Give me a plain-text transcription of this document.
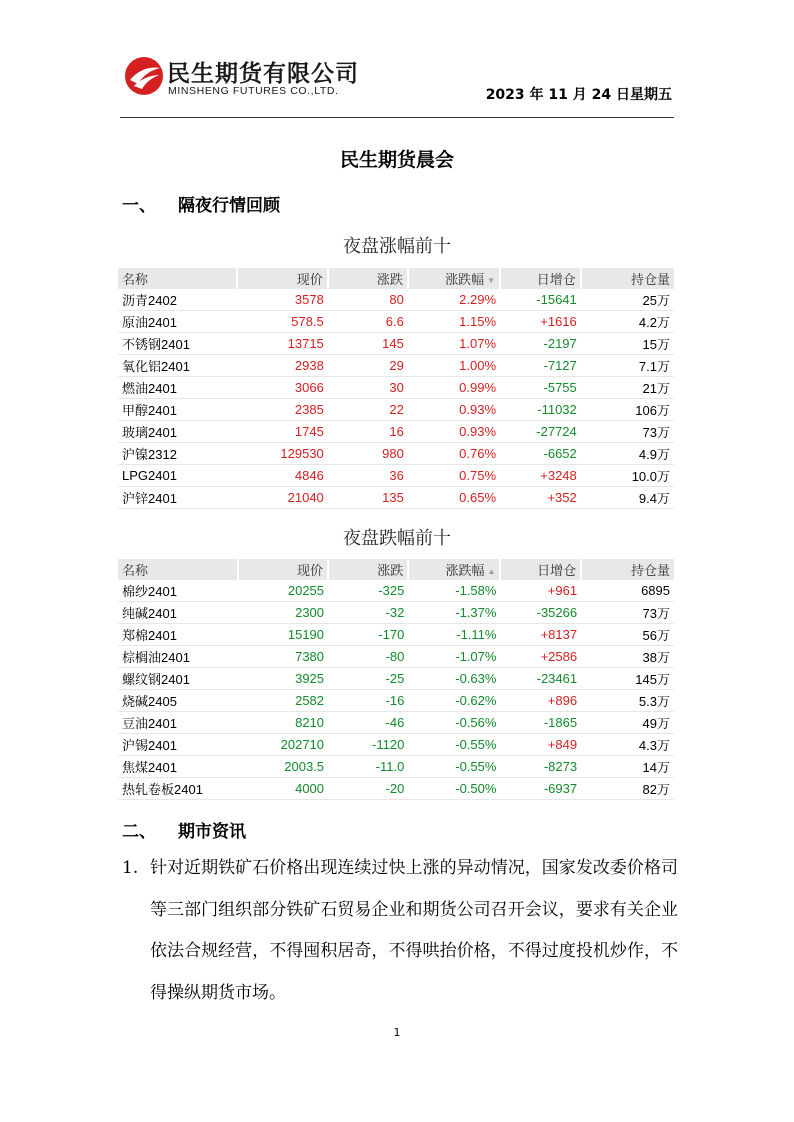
民生期货有限公司
MINSHENG FUTURES CO.,LTD.	2023 年 11 月 24 日星期五
民生期货晨会
一、 隔夜行情回顾
夜盘涨幅前十
名称	现价	涨跌	涨跌幅 ▼	日增仓	持仓量
沥青2402	3578	80	2.29%	-15641	25万
原油2401	578.5	6.6	1.15%	+1616	4.2万
不锈钢2401	13715	145	1.07%	-2197	15万
氧化铝2401	2938	29	1.00%	-7127	7.1万
燃油2401	3066	30	0.99%	-5755	21万
甲醇2401	2385	22	0.93%	-11032	106万
玻璃2401	1745	16	0.93%	-27724	73万
沪镍2312	129530	980	0.76%	-6652	4.9万
LPG2401	4846	36	0.75%	+3248	10.0万
沪锌2401	21040	135	0.65%	+352	9.4万
夜盘跌幅前十
名称	现价	涨跌	涨跌幅 ▲	日增仓	持仓量
棉纱2401	20255	-325	-1.58%	+961	6895
纯碱2401	2300	-32	-1.37%	-35266	73万
郑棉2401	15190	-170	-1.11%	+8137	56万
棕榈油2401	7380	-80	-1.07%	+2586	38万
螺纹钢2401	3925	-25	-0.63%	-23461	145万
烧碱2405	2582	-16	-0.62%	+896	5.3万
豆油2401	8210	-46	-0.56%	-1865	49万
沪锡2401	202710	-1120	-0.55%	+849	4.3万
焦煤2401	2003.5	-11.0	-0.55%	-8273	14万
热轧卷板2401	4000	-20	-0.50%	-6937	82万
二、 期市资讯
1. 针对近期铁矿石价格出现连续过快上涨的异动情况，国家发改委价格司等三部门组织部分铁矿石贸易企业和期货公司召开会议，要求有关企业依法合规经营，不得囤积居奇，不得哄抬价格，不得过度投机炒作，不得操纵期货市场。
1
